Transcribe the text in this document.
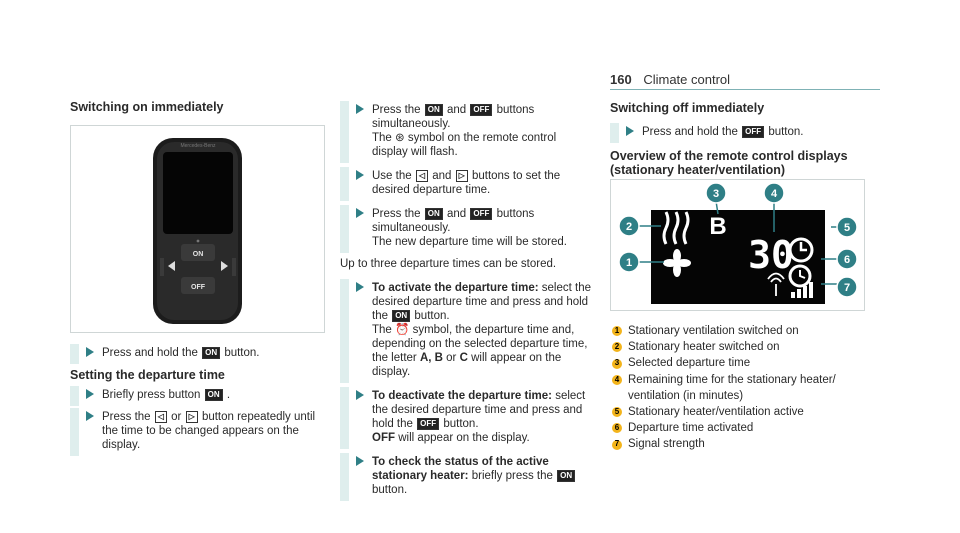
160 Climate control
Switching on immediately
Mercedes-Benz
ON
OFF
Press and hold the ON button.
Setting the departure time
Briefly press button ON .
Press the ◁ or ▷ button repeatedly until the time to be changed appears on the display.
Press the ON and OFF buttons simultaneously.
The ⊛ symbol on the remote control display will flash.
Use the ◁ and ▷ buttons to set the desired departure time.
Press the ON and OFF buttons simultaneously.
The new departure time will be stored.
Up to three departure times can be stored.
To activate the departure time: select the desired departure time and press and hold the ON button.
The ⏰ symbol, the departure time and, depending on the selected departure time, the letter A, B or C will appear on the display.
To deactivate the departure time: select the desired departure time and press and hold the OFF button.
OFF will appear on the display.
To check the status of the active stationary heater: briefly press the ON button.
Switching off immediately
Press and hold the OFF button.
Overview of the remote control displays (stationary heater/ventilation)
B
30
1
2
3	4
5
6
7
1 Stationary ventilation switched on
2 Stationary heater switched on
3 Selected departure time
4 Remaining time for the stationary heater/
ventilation (in minutes)
5 Stationary heater/ventilation active
6 Departure time activated
7 Signal strength
